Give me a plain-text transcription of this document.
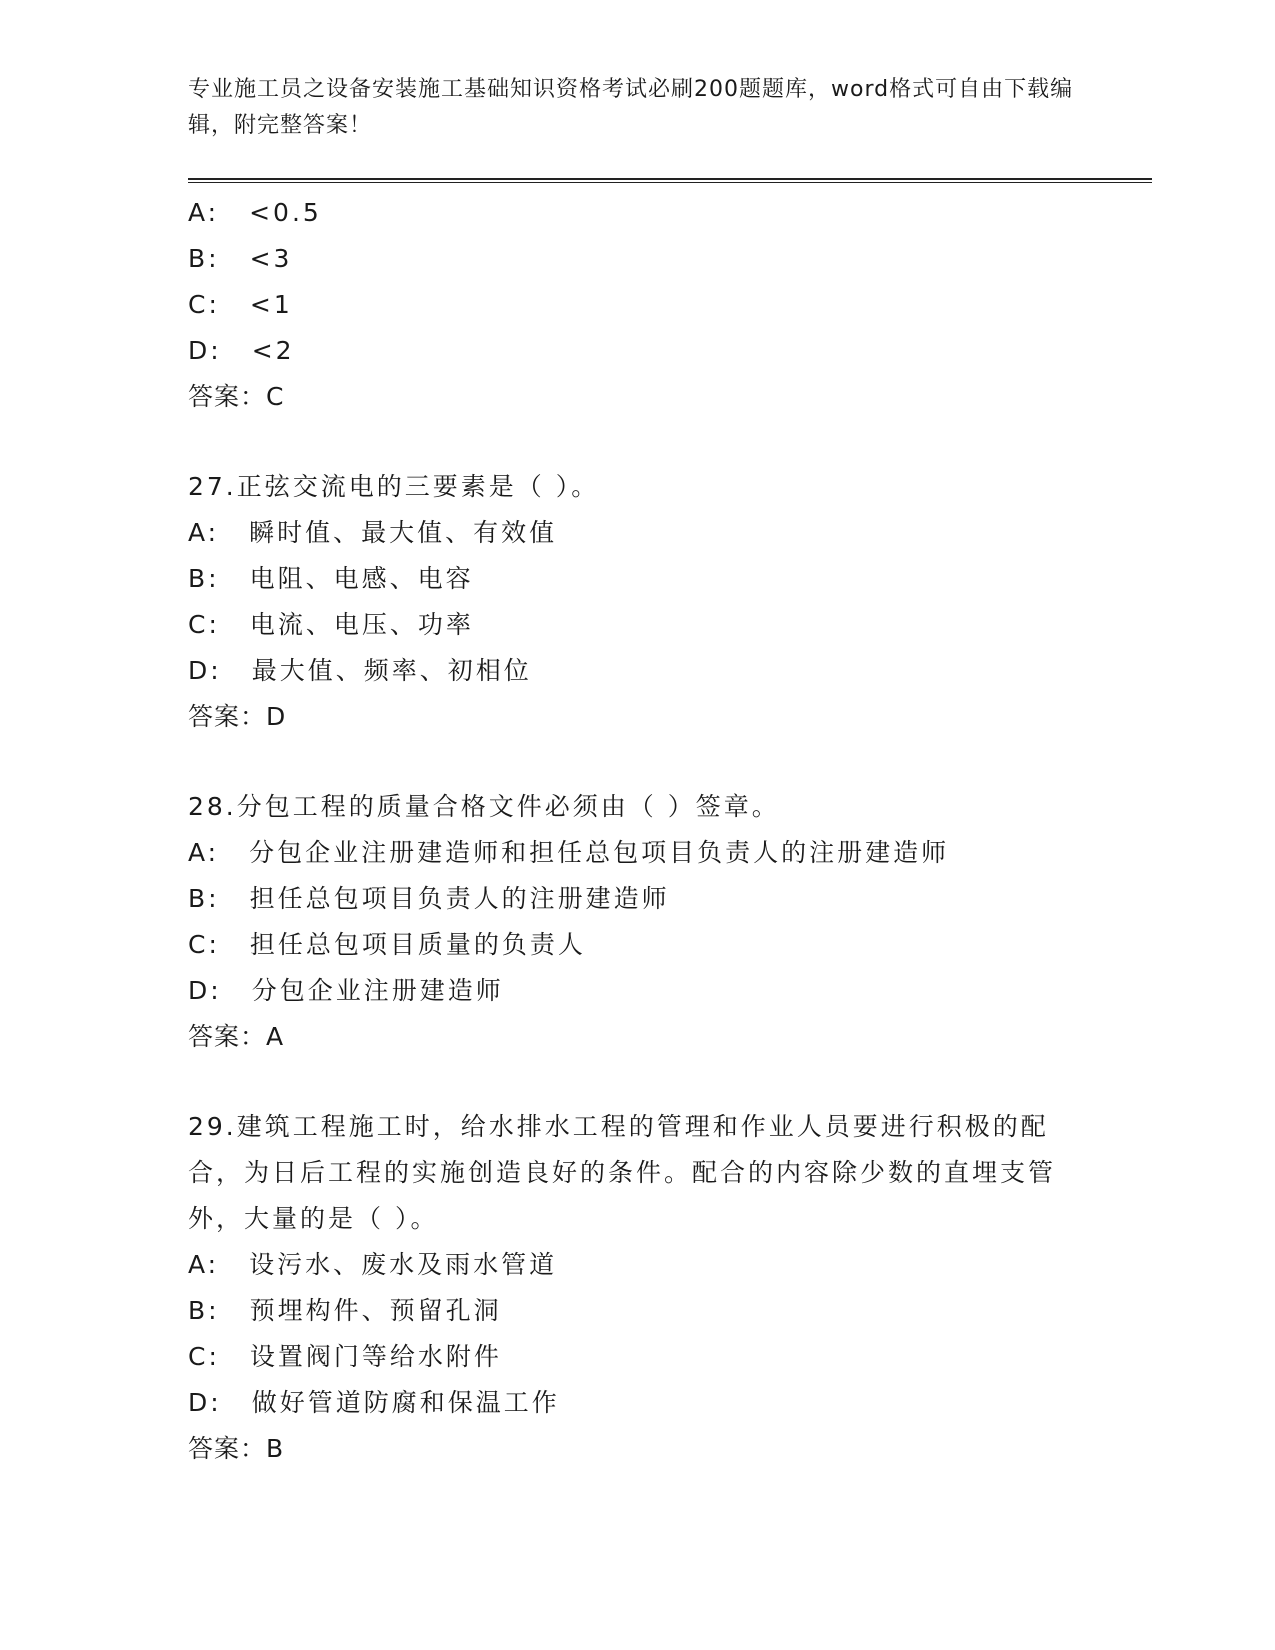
专业施工员之设备安装施工基础知识资格考试必刷200题题库，word格式可自由下载编辑，附完整答案！
A: <0.5
B: <3
C: <1
D: <2
答案：C
27.正弦交流电的三要素是（ ）。
A: 瞬时值、最大值、有效值
B: 电阻、电感、电容
C: 电流、电压、功率
D: 最大值、频率、初相位
答案：D
28.分包工程的质量合格文件必须由（ ）签章。
A: 分包企业注册建造师和担任总包项目负责人的注册建造师
B: 担任总包项目负责人的注册建造师
C: 担任总包项目质量的负责人
D: 分包企业注册建造师
答案：A
29.建筑工程施工时，给水排水工程的管理和作业人员要进行积极的配合，为日后工程的实施创造良好的条件。配合的内容除少数的直埋支管外，大量的是（ ）。
A: 设污水、废水及雨水管道
B: 预埋构件、预留孔洞
C: 设置阀门等给水附件
D: 做好管道防腐和保温工作
答案：B
